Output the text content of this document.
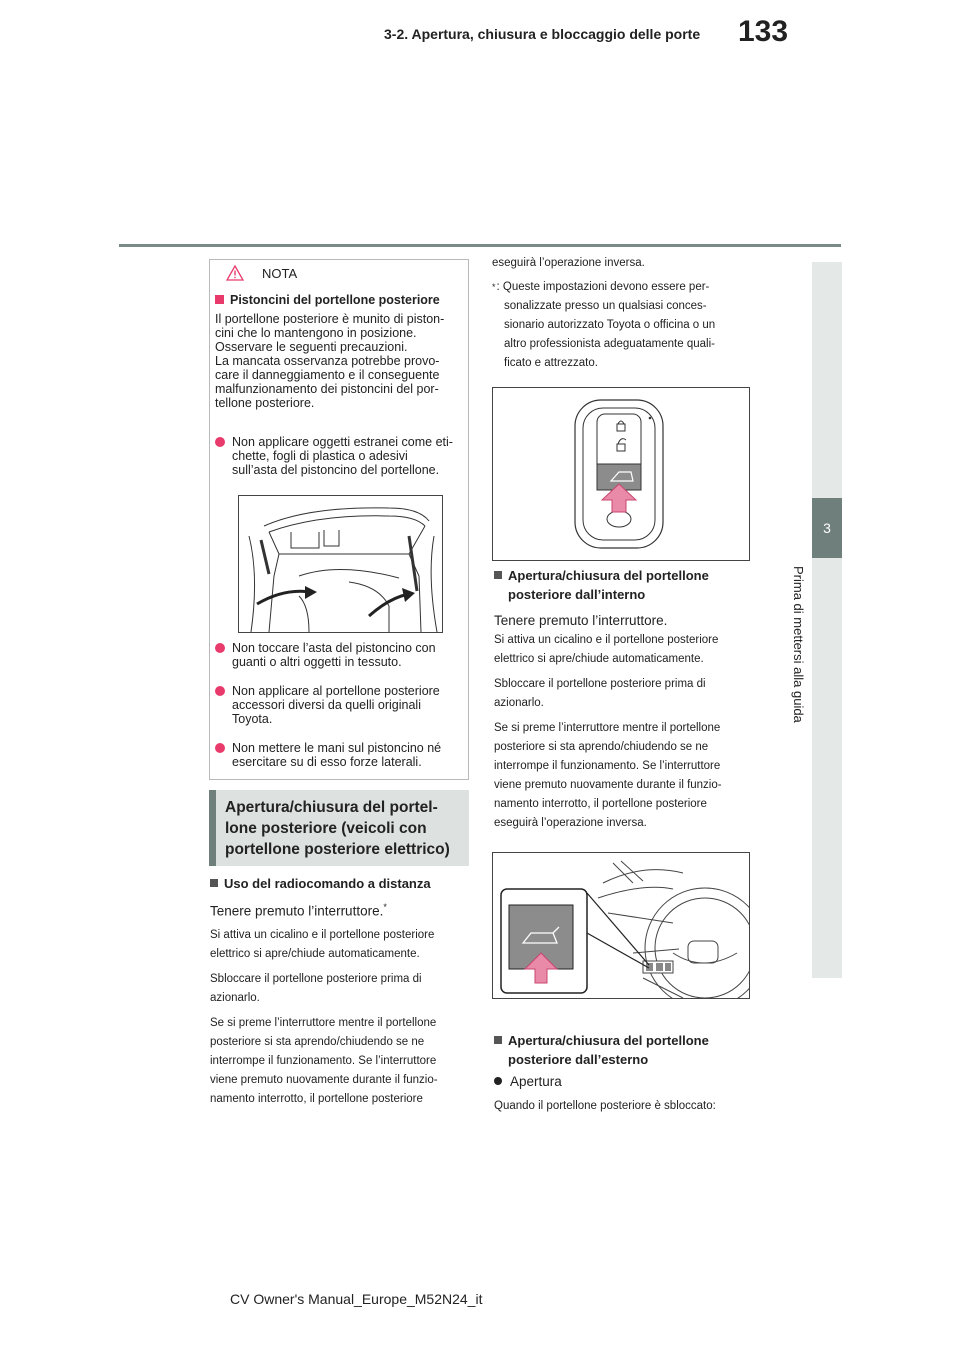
133
3-2. Apertura, chiusura e bloccaggio delle porte
3
Prima di mettersi alla guida
NOTA
Pistoncini del portellone posteriore
Il portellone posteriore è munito di piston-
cini che lo mantengono in posizione.
Osservare le seguenti precauzioni.
La mancata osservanza potrebbe provo-
care il danneggiamento e il conseguente
malfunzionamento dei pistoncini del por-
tellone posteriore.
Non applicare oggetti estranei come eti-
chette, fogli di plastica o adesivi
sull’asta del pistoncino del portellone.
Non toccare l’asta del pistoncino con
guanti o altri oggetti in tessuto.
Non applicare al portellone posteriore
accessori diversi da quelli originali
Toyota.
Non mettere le mani sul pistoncino né
esercitare su di esso forze laterali.
Apertura/chiusura del portel-
lone posteriore (veicoli con
portellone posteriore elettrico)
Uso del radiocomando a distanza
Tenere premuto l’interruttore.*
Si attiva un cicalino e il portellone posteriore
elettrico si apre/chiude automaticamente.
Sbloccare il portellone posteriore prima di
azionarlo.
Se si preme l’interruttore mentre il portellone
posteriore si sta aprendo/chiudendo se ne
interrompe il funzionamento. Se l’interruttore
viene premuto nuovamente durante il funzio-
namento interrotto, il portellone posteriore
eseguirà l’operazione inversa.
* : Queste impostazioni devono essere per-
sonalizzate presso un qualsiasi conces-
sionario autorizzato Toyota o officina o un
altro professionista adeguatamente quali-
ficato e attrezzato.
Apertura/chiusura del portellone
posteriore dall’interno
Tenere premuto l’interruttore.
Si attiva un cicalino e il portellone posteriore
elettrico si apre/chiude automaticamente.
Sbloccare il portellone posteriore prima di
azionarlo.
Se si preme l’interruttore mentre il portellone
posteriore si sta aprendo/chiudendo se ne
interrompe il funzionamento. Se l’interruttore
viene premuto nuovamente durante il funzio-
namento interrotto, il portellone posteriore
eseguirà l’operazione inversa.
Apertura/chiusura del portellone
posteriore dall’esterno
Apertura
Quando il portellone posteriore è sbloccato:
CV Owner's Manual_Europe_M52N24_it
